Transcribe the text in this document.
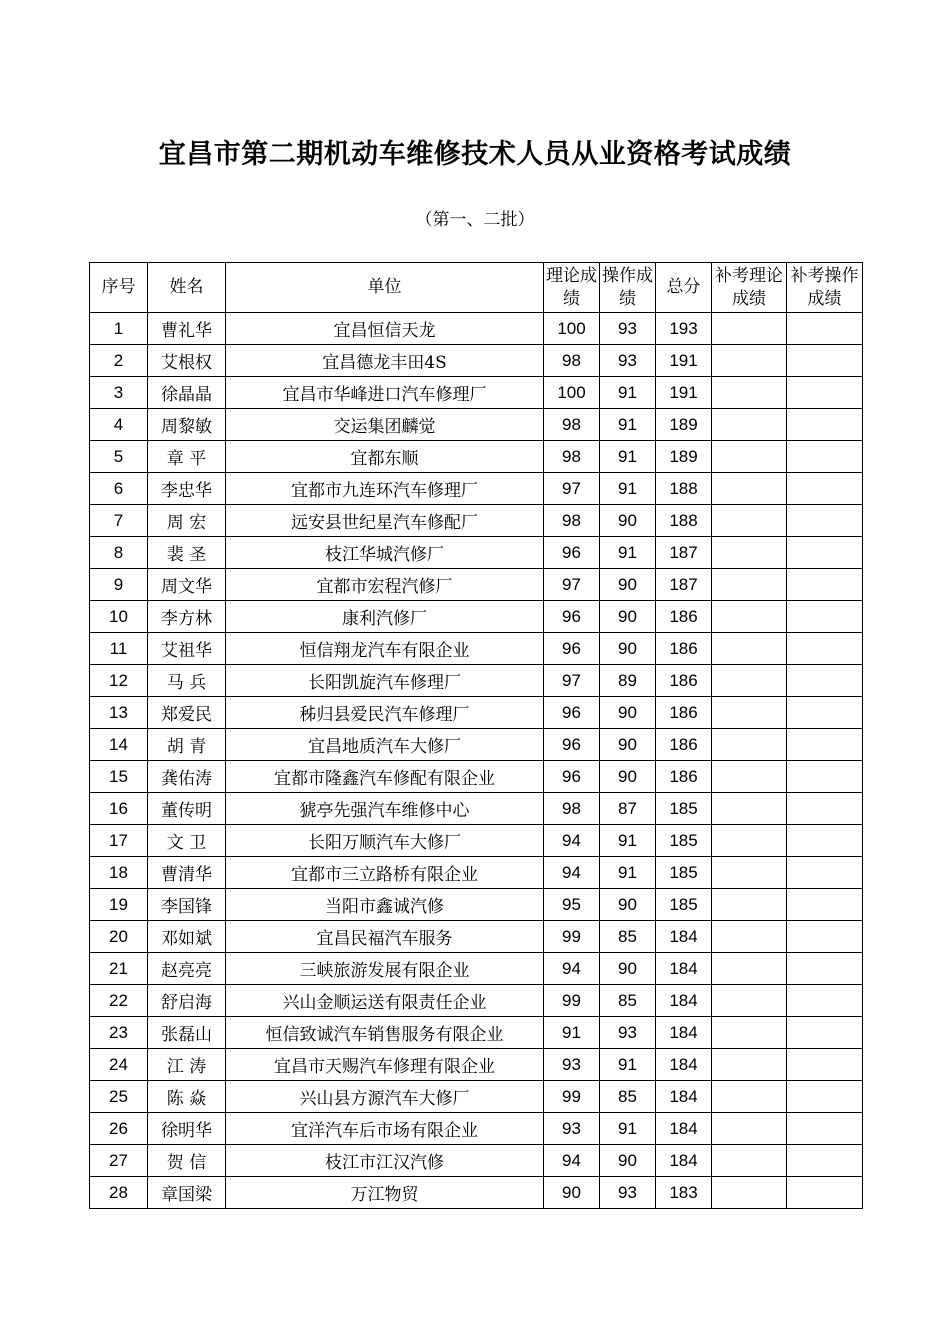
宜昌市第二期机动车维修技术人员从业资格考试成绩
（第一、二批）
序号	姓名	单位	理论成绩	操作成绩	总分	补考理论成绩	补考操作成绩
1	曹礼华	宜昌恒信天龙	100	93	193		
2	艾根权	宜昌德龙丰田4S	98	93	191		
3	徐晶晶	宜昌市华峰进口汽车修理厂	100	91	191		
4	周黎敏	交运集团麟觉	98	91	189		
5	章 平	宜都东顺	98	91	189		
6	李忠华	宜都市九连环汽车修理厂	97	91	188		
7	周 宏	远安县世纪星汽车修配厂	98	90	188		
8	裴 圣	枝江华城汽修厂	96	91	187		
9	周文华	宜都市宏程汽修厂	97	90	187		
10	李方林	康利汽修厂	96	90	186		
11	艾祖华	恒信翔龙汽车有限企业	96	90	186		
12	马 兵	长阳凯旋汽车修理厂	97	89	186		
13	郑爱民	秭归县爱民汽车修理厂	96	90	186		
14	胡 青	宜昌地质汽车大修厂	96	90	186		
15	龚佑涛	宜都市隆鑫汽车修配有限企业	96	90	186		
16	董传明	猇亭先强汽车维修中心	98	87	185		
17	文 卫	长阳万顺汽车大修厂	94	91	185		
18	曹清华	宜都市三立路桥有限企业	94	91	185		
19	李国锋	当阳市鑫诚汽修	95	90	185		
20	邓如斌	宜昌民福汽车服务	99	85	184		
21	赵亮亮	三峡旅游发展有限企业	94	90	184		
22	舒启海	兴山金顺运送有限责任企业	99	85	184		
23	张磊山	恒信致诚汽车销售服务有限企业	91	93	184		
24	江 涛	宜昌市天赐汽车修理有限企业	93	91	184		
25	陈 焱	兴山县方源汽车大修厂	99	85	184		
26	徐明华	宜洋汽车后市场有限企业	93	91	184		
27	贺 信	枝江市江汉汽修	94	90	184		
28	章国梁	万江物贸	90	93	183		
